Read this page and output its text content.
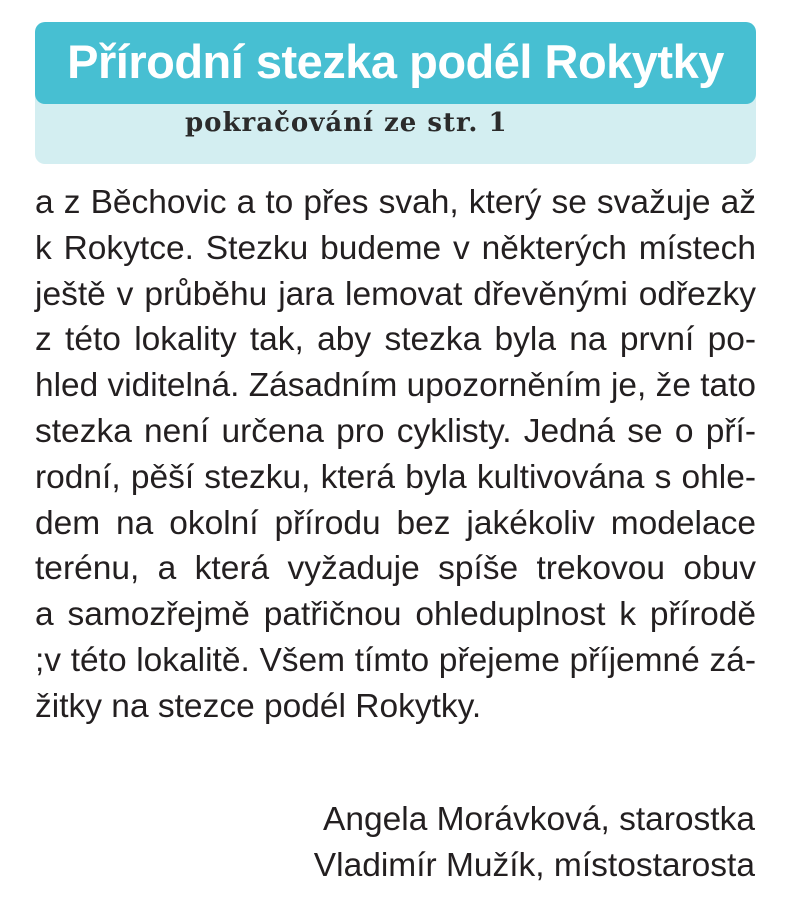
Přírodní stezka podél Rokytky
pokračování ze str. 1
a z Běchovic a to přes svah, který se svažuje až
k Rokytce. Stezku budeme v některých místech
ještě v průběhu jara lemovat dřevěnými odřezky
z této lokality tak, aby stezka byla na první po-
hled viditelná. Zásadním upozorněním je, že tato
stezka není určena pro cyklisty. Jedná se o pří-
rodní, pěší stezku, která byla kultivována s ohle-
dem na okolní přírodu bez jakékoliv modelace
terénu, a která vyžaduje spíše trekovou obuv
a samozřejmě patřičnou ohleduplnost k přírodě
;v této lokalitě. Všem tímto přejeme příjemné zá-
žitky na stezce podél Rokytky.
Angela Morávková, starostka
Vladimír Mužík, místostarosta
